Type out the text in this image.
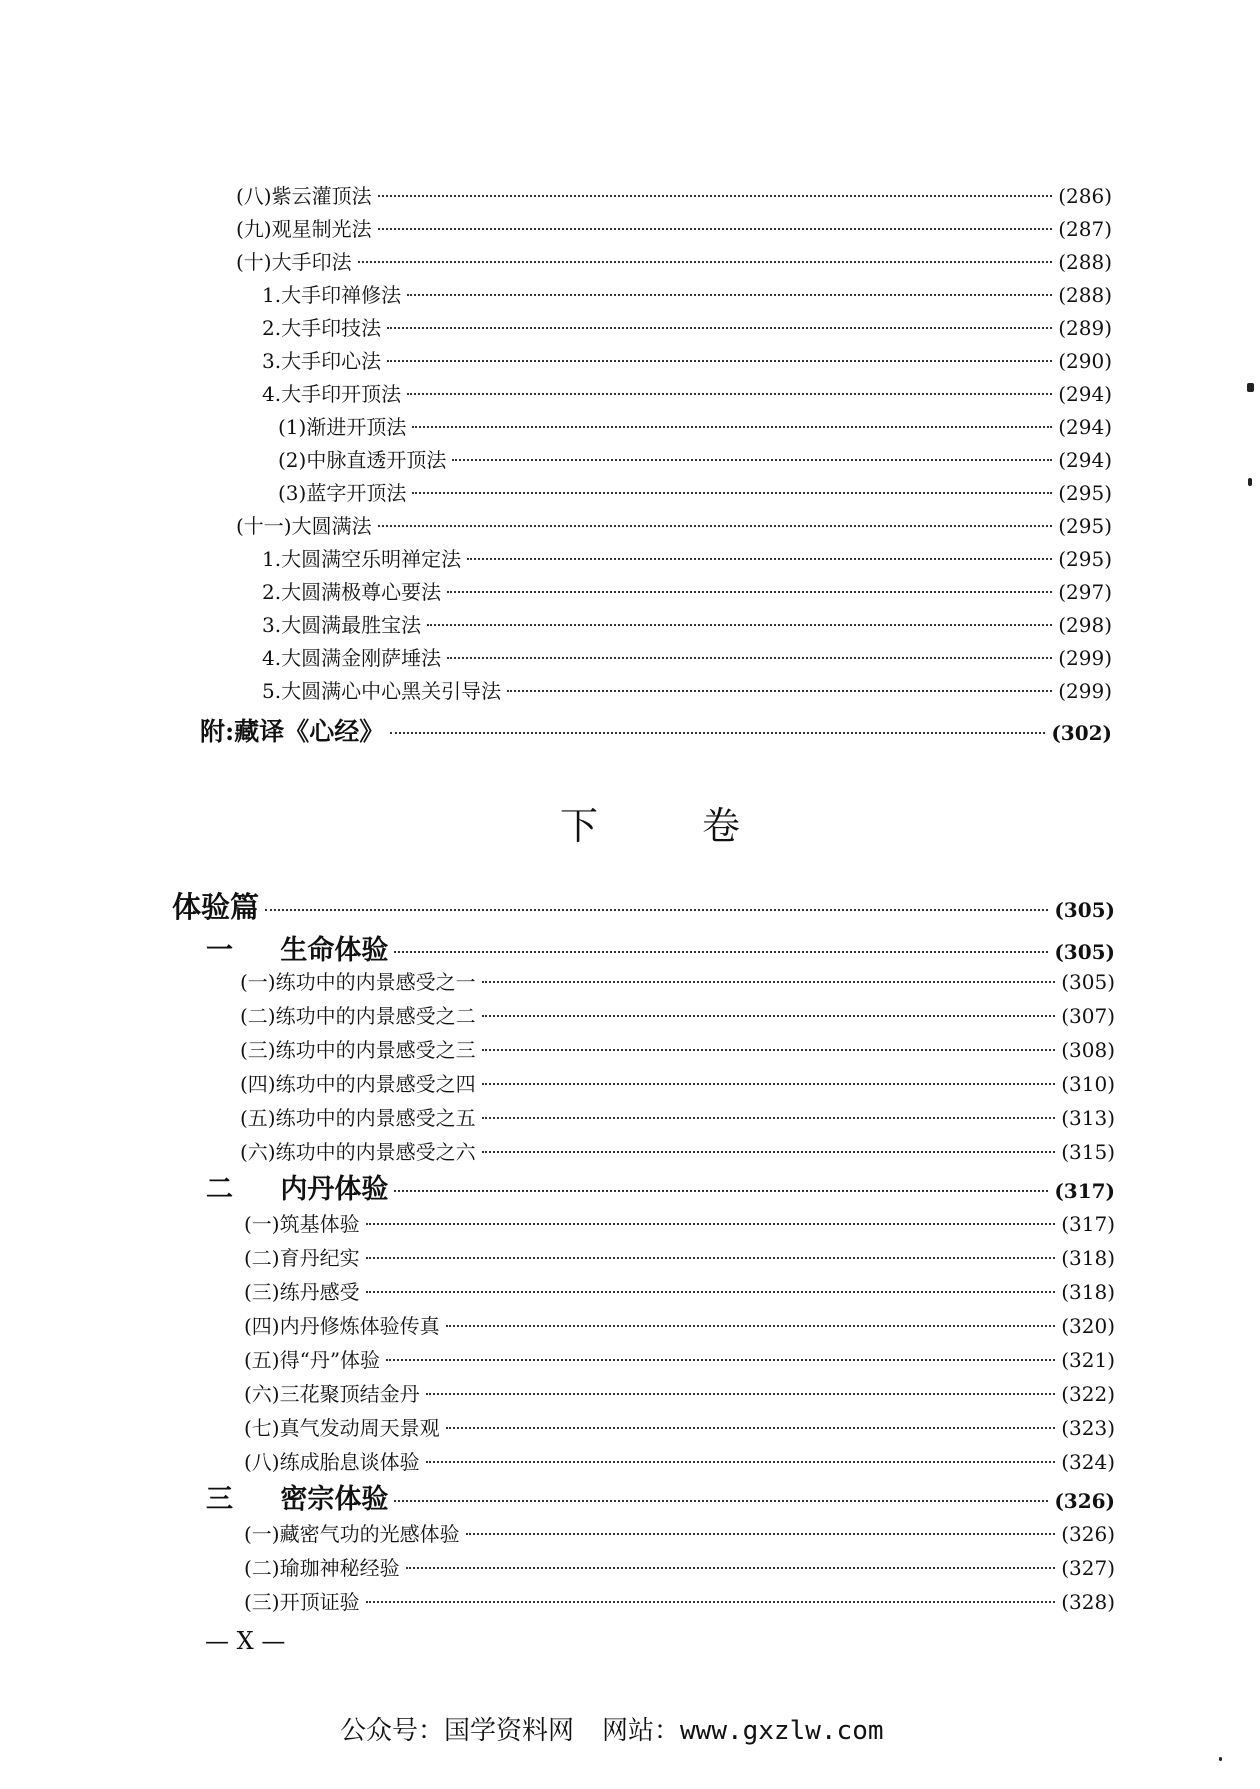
(八)紫云灌顶法	(286)
(九)观星制光法	(287)
(十)大手印法	(288)
1.大手印禅修法	(288)
2.大手印技法	(289)
3.大手印心法	(290)
4.大手印开顶法	(294)
(1)渐进开顶法	(294)
(2)中脉直透开顶法	(294)
(3)蓝字开顶法	(295)
(十一)大圆满法	(295)
1.大圆满空乐明禅定法	(295)
2.大圆满极尊心要法	(297)
3.大圆满最胜宝法	(298)
4.大圆满金刚萨埵法	(299)
5.大圆满心中心黑关引导法	(299)
附:藏译《心经》	(302)
下卷
体验篇	(305)
一 生命体验	(305)
(一)练功中的内景感受之一	(305)
(二)练功中的内景感受之二	(307)
(三)练功中的内景感受之三	(308)
(四)练功中的内景感受之四	(310)
(五)练功中的内景感受之五	(313)
(六)练功中的内景感受之六	(315)
二 内丹体验	(317)
(一)筑基体验	(317)
(二)育丹纪实	(318)
(三)练丹感受	(318)
(四)内丹修炼体验传真	(320)
(五)得“丹”体验	(321)
(六)三花聚顶结金丹	(322)
(七)真气发动周天景观	(323)
(八)练成胎息谈体验	(324)
三 密宗体验	(326)
(一)藏密气功的光感体验	(326)
(二)瑜珈神秘经验	(327)
(三)开顶证验	(328)
— X —
公众号：国学资料网 网站：www.gxzlw.com
